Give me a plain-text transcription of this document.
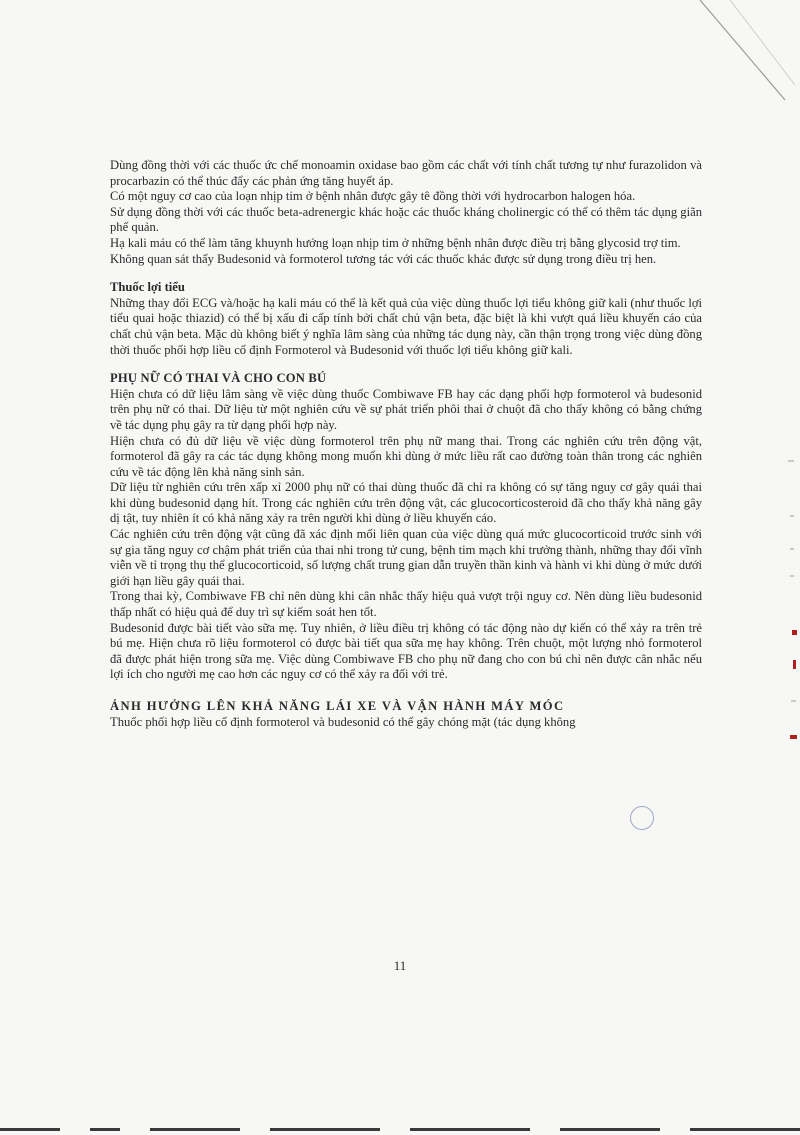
Dùng đồng thời với các thuốc ức chế monoamin oxidase bao gồm các chất với tính chất tương tự như furazolidon và procarbazin có thể thúc đẩy các phản ứng tăng huyết áp.

Có một nguy cơ cao của loạn nhịp tim ở bệnh nhân được gây tê đồng thời với hydrocarbon halogen hóa.

Sử dụng đồng thời với các thuốc beta-adrenergic khác hoặc các thuốc kháng cholinergic có thể có thêm tác dụng giãn phế quản.

Hạ kali máu có thể làm tăng khuynh hướng loạn nhịp tim ở những bệnh nhân được điều trị bằng glycosid trợ tim.

Không quan sát thấy Budesonid và formoterol tương tác với các thuốc khác được sử dụng trong điều trị hen.

Thuốc lợi tiểu

Những thay đổi ECG và/hoặc hạ kali máu có thể là kết quả của việc dùng thuốc lợi tiểu không giữ kali (như thuốc lợi tiểu quai hoặc thiazid) có thể bị xấu đi cấp tính bởi chất chủ vận beta, đặc biệt là khi vượt quá liều khuyến cáo của chất chủ vận beta. Mặc dù không biết ý nghĩa lâm sàng của những tác dụng này, cần thận trọng trong việc dùng đồng thời thuốc phối hợp liều cố định Formoterol và Budesonid với thuốc lợi tiểu không giữ kali.

PHỤ NỮ CÓ THAI VÀ CHO CON BÚ

Hiện chưa có dữ liệu lâm sàng về việc dùng thuốc Combiwave FB hay các dạng phối hợp formoterol và budesonid trên phụ nữ có thai. Dữ liệu từ một nghiên cứu về sự phát triển phôi thai ở chuột đã cho thấy không có bằng chứng về tác dụng phụ gây ra từ dạng phối hợp này.

Hiện chưa có đủ dữ liệu về việc dùng formoterol trên phụ nữ mang thai. Trong các nghiên cứu trên động vật, formoterol đã gây ra các tác dụng không mong muốn khi dùng ở mức liều rất cao đường toàn thân trong các nghiên cứu về tác động lên khả năng sinh sản.

Dữ liệu từ nghiên cứu trên xấp xỉ 2000 phụ nữ có thai dùng thuốc đã chỉ ra không có sự tăng nguy cơ gây quái thai khi dùng budesonid dạng hít. Trong các nghiên cứu trên động vật, các glucocorticosteroid đã cho thấy khả năng gây dị tật, tuy nhiên ít có khả năng xảy ra trên người khi dùng ở liều khuyến cáo.

Các nghiên cứu trên động vật cũng đã xác định mối liên quan của việc dùng quá mức glucocorticoid trước sinh với sự gia tăng nguy cơ chậm phát triển của thai nhi trong tử cung, bệnh tim mạch khi trưởng thành, những thay đổi vĩnh viễn về tỉ trọng thụ thể glucocorticoid, số lượng chất trung gian dẫn truyền thần kinh và hành vi khi dùng ở mức dưới giới hạn liều gây quái thai.

Trong thai kỳ, Combiwave FB chỉ nên dùng khi cân nhắc thấy hiệu quả vượt trội nguy cơ. Nên dùng liều budesonid thấp nhất có hiệu quả để duy trì sự kiểm soát hen tốt.

Budesonid được bài tiết vào sữa mẹ. Tuy nhiên, ở liều điều trị không có tác động nào dự kiến có thể xảy ra trên trẻ bú mẹ. Hiện chưa rõ liệu formoterol có được bài tiết qua sữa mẹ hay không. Trên chuột, một lượng nhỏ formoterol đã được phát hiện trong sữa mẹ. Việc dùng Combiwave FB cho phụ nữ đang cho con bú chỉ nên được cân nhắc nếu lợi ích cho người mẹ cao hơn các nguy cơ có thể xảy ra đối với trẻ.

ẢNH HƯỞNG LÊN KHẢ NĂNG LÁI XE VÀ VẬN HÀNH MÁY MÓC

Thuốc phối hợp liều cố định formoterol và budesonid có thể gây chóng mặt (tác dụng không

11
